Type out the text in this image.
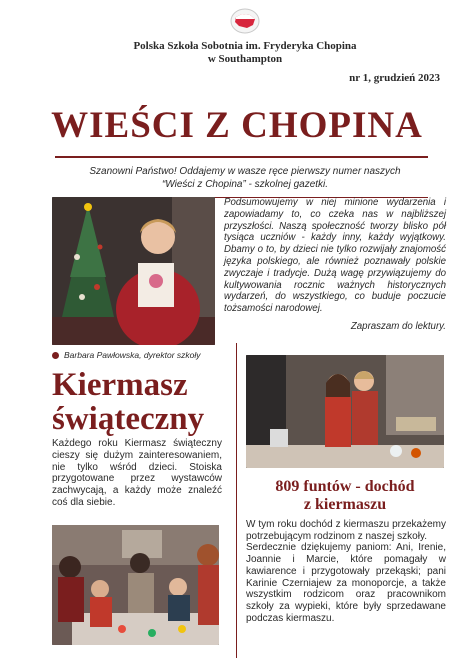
Polska Szkoła Sobotnia im. Fryderyka Chopina
w Southampton
nr 1, grudzień 2023
WIEŚCI Z CHOPINA
Szanowni Państwo! Oddajemy w wasze ręce pierwszy numer naszych
“Wieści z Chopina” - szkolnej gazetki.
Barbara Pawłowska, dyrektor szkoły

Podsumowujemy w niej minione wydarzenia i zapowiadamy to, co czeka nas w najbliższej przyszłości. Naszą społeczność tworzy blisko pół tysiąca uczniów - każdy inny, każdy wyjątkowy. Dbamy o to, by dzieci nie tylko rozwijały znajomość języka polskiego, ale również poznawały polskie zwyczaje i tradycje. Dużą wagę przywiązujemy do kultywowania rocznic ważnych historycznych wydarzeń, do wszystkiego, co buduje poczucie tożsamości narodowej.

Zapraszam do lektury.
Kiermasz
świąteczny
Każdego roku Kiermasz świąteczny cieszy się dużym zainteresowaniem, nie tylko wśród dzieci. Stoiska przygotowane przez wystawców zachwycają, a każdy może znaleźć coś dla siebie.
809 funtów - dochód
z kiermaszu

W tym roku dochód z kiermaszu przekażemy potrzebującym rodzinom z naszej szkoły.

Serdecznie dziękujemy paniom: Ani, Irenie, Joannie i Marcie, które pomagały w kawiarence i przygotowały przekąski; pani Karinie Czerniajew za monoporcje, a także wszystkim rodzicom oraz pracownikom szkoły za wypieki, które były sprzedawane podczas kiermaszu.
